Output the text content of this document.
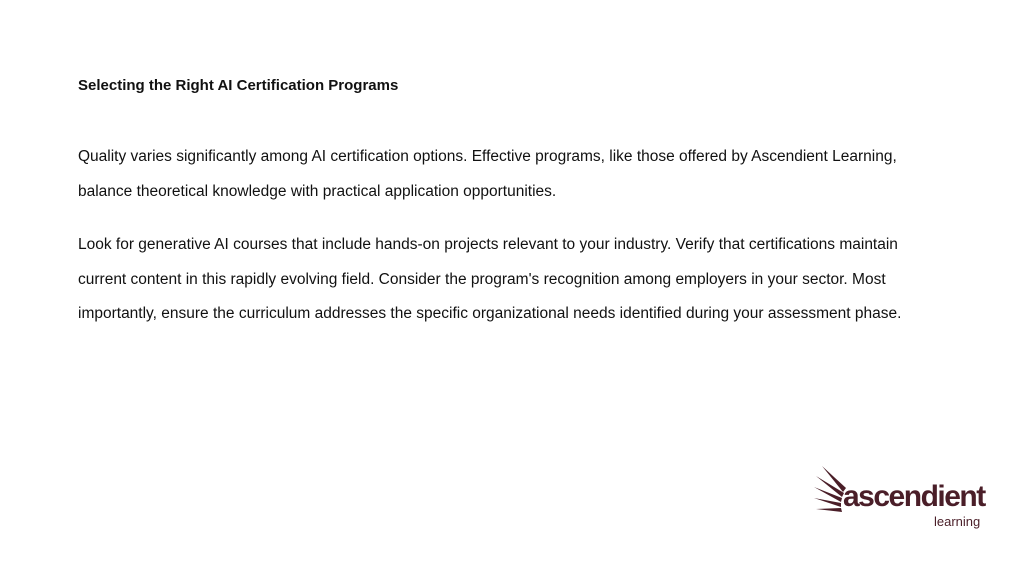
Selecting the Right AI Certification Programs

Quality varies significantly among AI certification options. Effective programs, like those offered by Ascendient Learning, balance theoretical knowledge with practical application opportunities.

Look for generative AI courses that include hands-on projects relevant to your industry. Verify that certifications maintain current content in this rapidly evolving field. Consider the program's recognition among employers in your sector. Most importantly, ensure the curriculum addresses the specific organizational needs identified during your assessment phase.

ascendient
learning
